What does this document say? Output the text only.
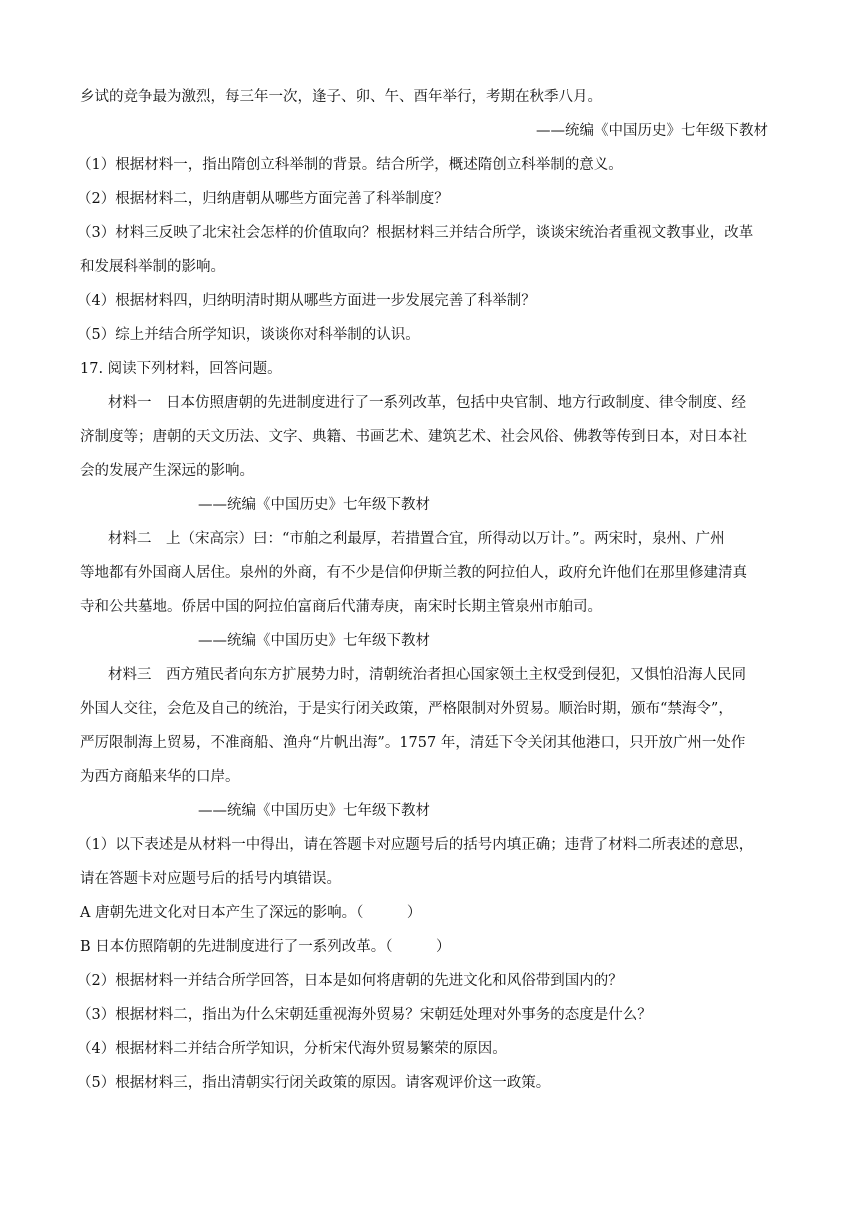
乡试的竞争最为激烈，每三年一次，逢子、卯、午、酉年举行，考期在秋季八月。
——统编《中国历史》七年级下教材
（1）根据材料一，指出隋创立科举制的背景。结合所学，概述隋创立科举制的意义。
（2）根据材料二，归纳唐朝从哪些方面完善了科举制度？
（3）材料三反映了北宋社会怎样的价值取向？根据材料三并结合所学，谈谈宋统治者重视文教事业，改革
和发展科举制的影响。
（4）根据材料四，归纳明清时期从哪些方面进一步发展完善了科举制？
（5）综上并结合所学知识，谈谈你对科举制的认识。
17. 阅读下列材料，回答问题。
材料一　日本仿照唐朝的先进制度进行了一系列改革，包括中央官制、地方行政制度、律令制度、经
济制度等；唐朝的天文历法、文字、典籍、书画艺术、建筑艺术、社会风俗、佛教等传到日本，对日本社
会的发展产生深远的影响。
——统编《中国历史》七年级下教材
材料二　上（宋高宗）曰：“市舶之利最厚，若措置合宜，所得动以万计。”。两宋时，泉州、广州
等地都有外国商人居住。泉州的外商，有不少是信仰伊斯兰教的阿拉伯人，政府允许他们在那里修建清真
寺和公共墓地。侨居中国的阿拉伯富商后代蒲寿庚，南宋时长期主管泉州市舶司。
——统编《中国历史》七年级下教材
材料三　西方殖民者向东方扩展势力时，清朝统治者担心国家领土主权受到侵犯，又惧怕沿海人民同
外国人交往，会危及自己的统治，于是实行闭关政策，严格限制对外贸易。顺治时期，颁布“禁海令”，
严厉限制海上贸易，不准商船、渔舟“片帆出海”。1757 年，清廷下令关闭其他港口，只开放广州一处作
为西方商船来华的口岸。
——统编《中国历史》七年级下教材
（1）以下表述是从材料一中得出，请在答题卡对应题号后的括号内填正确；违背了材料二所表述的意思，
请在答题卡对应题号后的括号内填错误。
A 唐朝先进文化对日本产生了深远的影响。（　　　）
B 日本仿照隋朝的先进制度进行了一系列改革。（　　　）
（2）根据材料一并结合所学回答，日本是如何将唐朝的先进文化和风俗带到国内的？
（3）根据材料二，指出为什么宋朝廷重视海外贸易？宋朝廷处理对外事务的态度是什么？
（4）根据材料二并结合所学知识，分析宋代海外贸易繁荣的原因。
（5）根据材料三，指出清朝实行闭关政策的原因。请客观评价这一政策。
